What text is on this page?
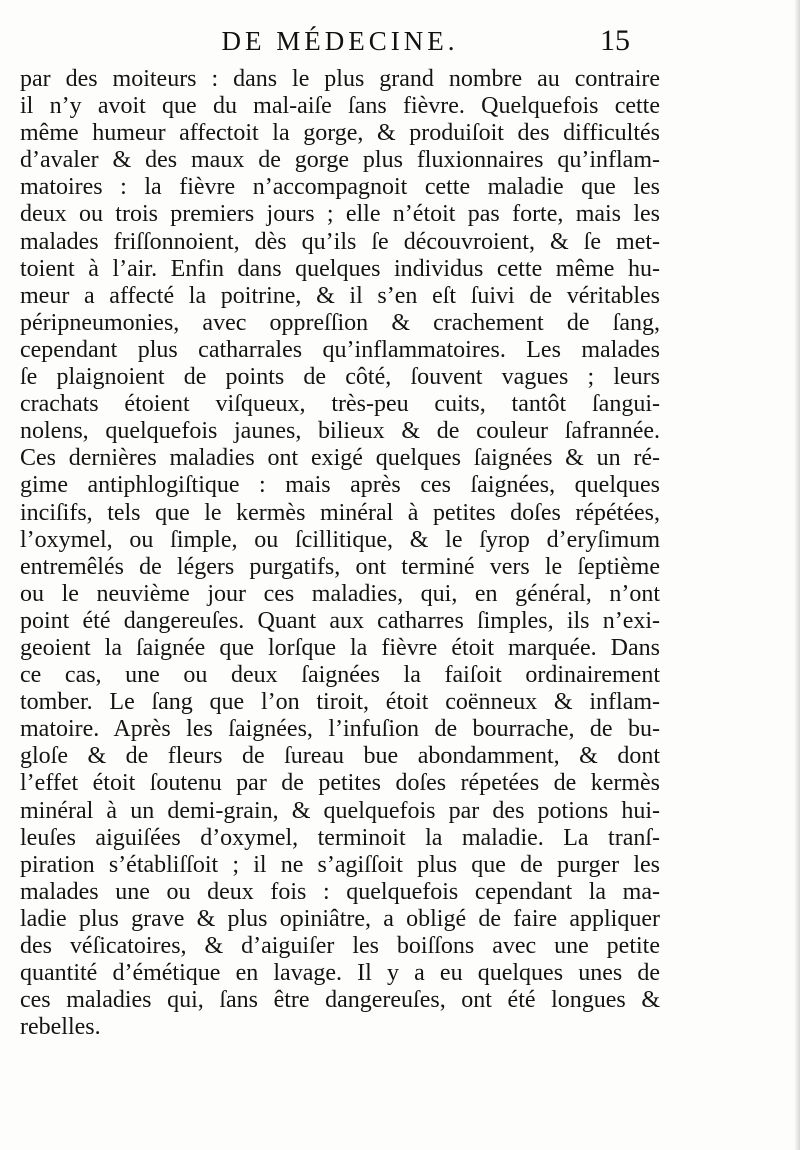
DE MÉDECINE.	15
par des moiteurs : dans le plus grand nombre au contraire
il n’y avoit que du mal-aiſe ſans fièvre. Quelquefois cette
même humeur affectoit la gorge, & produiſoit des difficultés
d’avaler & des maux de gorge plus fluxionnaires qu’inflam-
matoires : la fièvre n’accompagnoit cette maladie que les
deux ou trois premiers jours ; elle n’étoit pas forte, mais les
malades friſſonnoient, dès qu’ils ſe découvroient, & ſe met-
toient à l’air. Enfin dans quelques individus cette même hu-
meur a affecté la poitrine, & il s’en eſt ſuivi de véritables
péripneumonies, avec oppreſſion & crachement de ſang,
cependant plus catharrales qu’inflammatoires. Les malades
ſe plaignoient de points de côté, ſouvent vagues ; leurs
crachats étoient viſqueux, très-peu cuits, tantôt ſangui-
nolens, quelquefois jaunes, bilieux & de couleur ſafrannée.
Ces dernières maladies ont exigé quelques ſaignées & un ré-
gime antiphlogiſtique : mais après ces ſaignées, quelques
inciſifs, tels que le kermès minéral à petites doſes répétées,
l’oxymel, ou ſimple, ou ſcillitique, & le ſyrop d’eryſimum
entremêlés de légers purgatifs, ont terminé vers le ſeptième
ou le neuvième jour ces maladies, qui, en général, n’ont
point été dangereuſes. Quant aux catharres ſimples, ils n’exi-
geoient la ſaignée que lorſque la fièvre étoit marquée. Dans
ce cas, une ou deux ſaignées la faiſoit ordinairement
tomber. Le ſang que l’on tiroit, étoit coënneux & inflam-
matoire. Après les ſaignées, l’infuſion de bourrache, de bu-
gloſe & de fleurs de ſureau bue abondamment, & dont
l’effet étoit ſoutenu par de petites doſes répetées de kermès
minéral à un demi-grain, & quelquefois par des potions hui-
leuſes aiguiſées d’oxymel, terminoit la maladie. La tranſ-
piration s’établiſſoit ; il ne s’agiſſoit plus que de purger les
malades une ou deux fois : quelquefois cependant la ma-
ladie plus grave & plus opiniâtre, a obligé de faire appliquer
des véſicatoires, & d’aiguiſer les boiſſons avec une petite
quantité d’émétique en lavage. Il y a eu quelques unes de
ces maladies qui, ſans être dangereuſes, ont été longues &
rebelles.
